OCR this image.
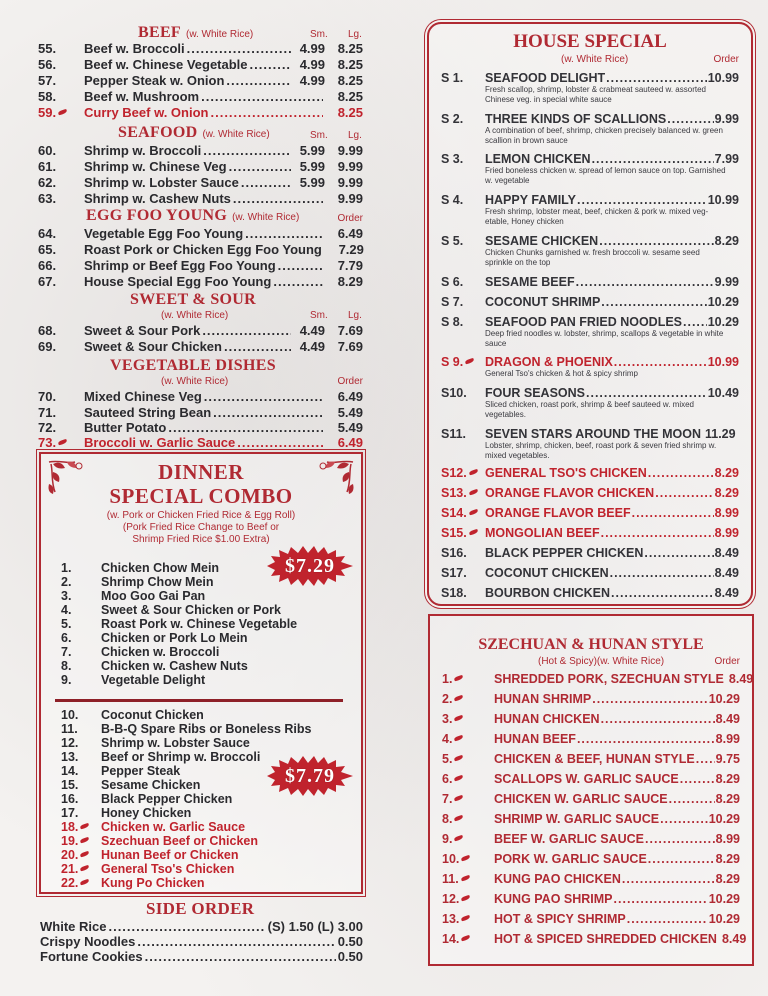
BEEF (w. White Rice)	Sm. Lg.
55.	Beef w. Broccoli .....	4.99 8.25
56.	Beef w. Chinese Vegetable .....	4.99 8.25
57.	Pepper Steak w. Onion .....	4.99 8.25
58.	Beef w. Mushroom .....	8.25
59.	Curry Beef w. Onion .....	8.25
SEAFOOD (w. White Rice)	Sm. Lg.
60.	Shrimp w. Broccoli .....	5.99 9.99
61.	Shrimp w. Chinese Veg .....	5.99 9.99
62.	Shrimp w. Lobster Sauce .....	5.99 9.99
63.	Shrimp w. Cashew Nuts .....	9.99
EGG FOO YOUNG (w. White Rice)	Order
64.	Vegetable Egg Foo Young .....	6.49
65.	Roast Pork or Chicken Egg Foo Young	7.29
66.	Shrimp or Beef Egg Foo Young .....	7.79
67.	House Special Egg Foo Young .....	8.29
SWEET & SOUR
(w. White Rice)	Sm. Lg.
68.	Sweet & Sour Pork .....	4.49 7.69
69.	Sweet & Sour Chicken .....	4.49 7.69
VEGETABLE DISHES
(w. White Rice)	Order
70.	Mixed Chinese Veg .....	6.49
71.	Sauteed String Bean .....	5.49
72.	Butter Potato .....	5.49
73.	Broccoli w. Garlic Sauce .....	6.49
SIDE ORDER
White Rice .....	(S) 1.50 (L) 3.00
Crispy Noodles .....	0.50
Fortune Cookies .....	0.50
DINNER
SPECIAL COMBO
(w. Pork or Chicken Fried Rice & Egg Roll)
(Pork Fried Rice Change to Beef or
Shrimp Fried Rice $1.00 Extra)
$7.29
1.	Chicken Chow Mein
2.	Shrimp Chow Mein
3.	Moo Goo Gai Pan
4.	Sweet & Sour Chicken or Pork
5.	Roast Pork w. Chinese Vegetable
6.	Chicken or Pork Lo Mein
7.	Chicken w. Broccoli
8.	Chicken w. Cashew Nuts
9.	Vegetable Delight
$7.79
10.	Coconut Chicken
11.	B-B-Q Spare Ribs or Boneless Ribs
12.	Shrimp w. Lobster Sauce
13.	Beef or Shrimp w. Broccoli
14.	Pepper Steak
15.	Sesame Chicken
16.	Black Pepper Chicken
17.	Honey Chicken
18.	Chicken w. Garlic Sauce
19.	Szechuan Beef or Chicken
20.	Hunan Beef or Chicken
21.	General Tso's Chicken
22.	Kung Po Chicken
HOUSE SPECIAL
(w. White Rice)	Order
S 1.	SEAFOOD DELIGHT .....	10.99
Fresh scallop, shrimp, lobster & crabmeat sauteed w. assorted Chinese veg. in special white sauce
S 2.	THREE KINDS OF SCALLIONS .....	9.99
A combination of beef, shrimp, chicken precisely balanced w. green scallion in brown sauce
S 3.	LEMON CHICKEN .....	7.99
Fried boneless chicken w. spread of lemon sauce on top. Garnished w. vegetable
S 4.	HAPPY FAMILY .....	10.99
Fresh shrimp, lobster meat, beef, chicken & pork w. mixed veg-etable, Honey chicken
S 5.	SESAME CHICKEN .....	8.29
Chicken Chunks garnished w. fresh broccoli w. sesame seed sprinkle on the top
S 6.	SESAME BEEF .....	9.99
S 7.	COCONUT SHRIMP .....	10.29
S 8.	SEAFOOD PAN FRIED NOODLES ..... 10.29
Deep fried noodles w. lobster, shrimp, scallops & vegetable in white sauce
S 9.	DRAGON & PHOENIX .....	10.99
General Tso's chicken & hot & spicy shrimp
S10.	FOUR SEASONS .....	10.49
Sliced chicken, roast pork, shrimp & beef sauteed w. mixed vegetables.
S11.	SEVEN STARS AROUND THE MOON 11.29
Lobster, shrimp, chicken, beef, roast pork & seven fried shrimp w. mixed vegetables.
S12.	GENERAL TSO'S CHICKEN .....	8.29
S13.	ORANGE FLAVOR CHICKEN .....	8.29
S14.	ORANGE FLAVOR BEEF .....	8.99
S15.	MONGOLIAN BEEF .....	8.99
S16.	BLACK PEPPER CHICKEN .....	8.49
S17.	COCONUT CHICKEN .....	8.49
S18.	BOURBON CHICKEN .....	8.49
SZECHUAN & HUNAN STYLE
(Hot & Spicy)(w. White Rice)	Order
1.	SHREDDED PORK, SZECHUAN STYLE 8.49
2.	HUNAN SHRIMP .....	10.29
3.	HUNAN CHICKEN .....	8.49
4.	HUNAN BEEF .....	8.99
5.	CHICKEN & BEEF, HUNAN STYLE ..... 9.75
6.	SCALLOPS W. GARLIC SAUCE .....	8.29
7.	CHICKEN W. GARLIC SAUCE .....	8.29
8.	SHRIMP W. GARLIC SAUCE .....	10.29
9.	BEEF W. GARLIC SAUCE .....	8.99
10.	PORK W. GARLIC SAUCE .....	8.29
11.	KUNG PAO CHICKEN .....	8.29
12.	KUNG PAO SHRIMP .....	10.29
13.	HOT & SPICY SHRIMP .....	10.29
14.	HOT & SPICED SHREDDED CHICKEN 8.49
